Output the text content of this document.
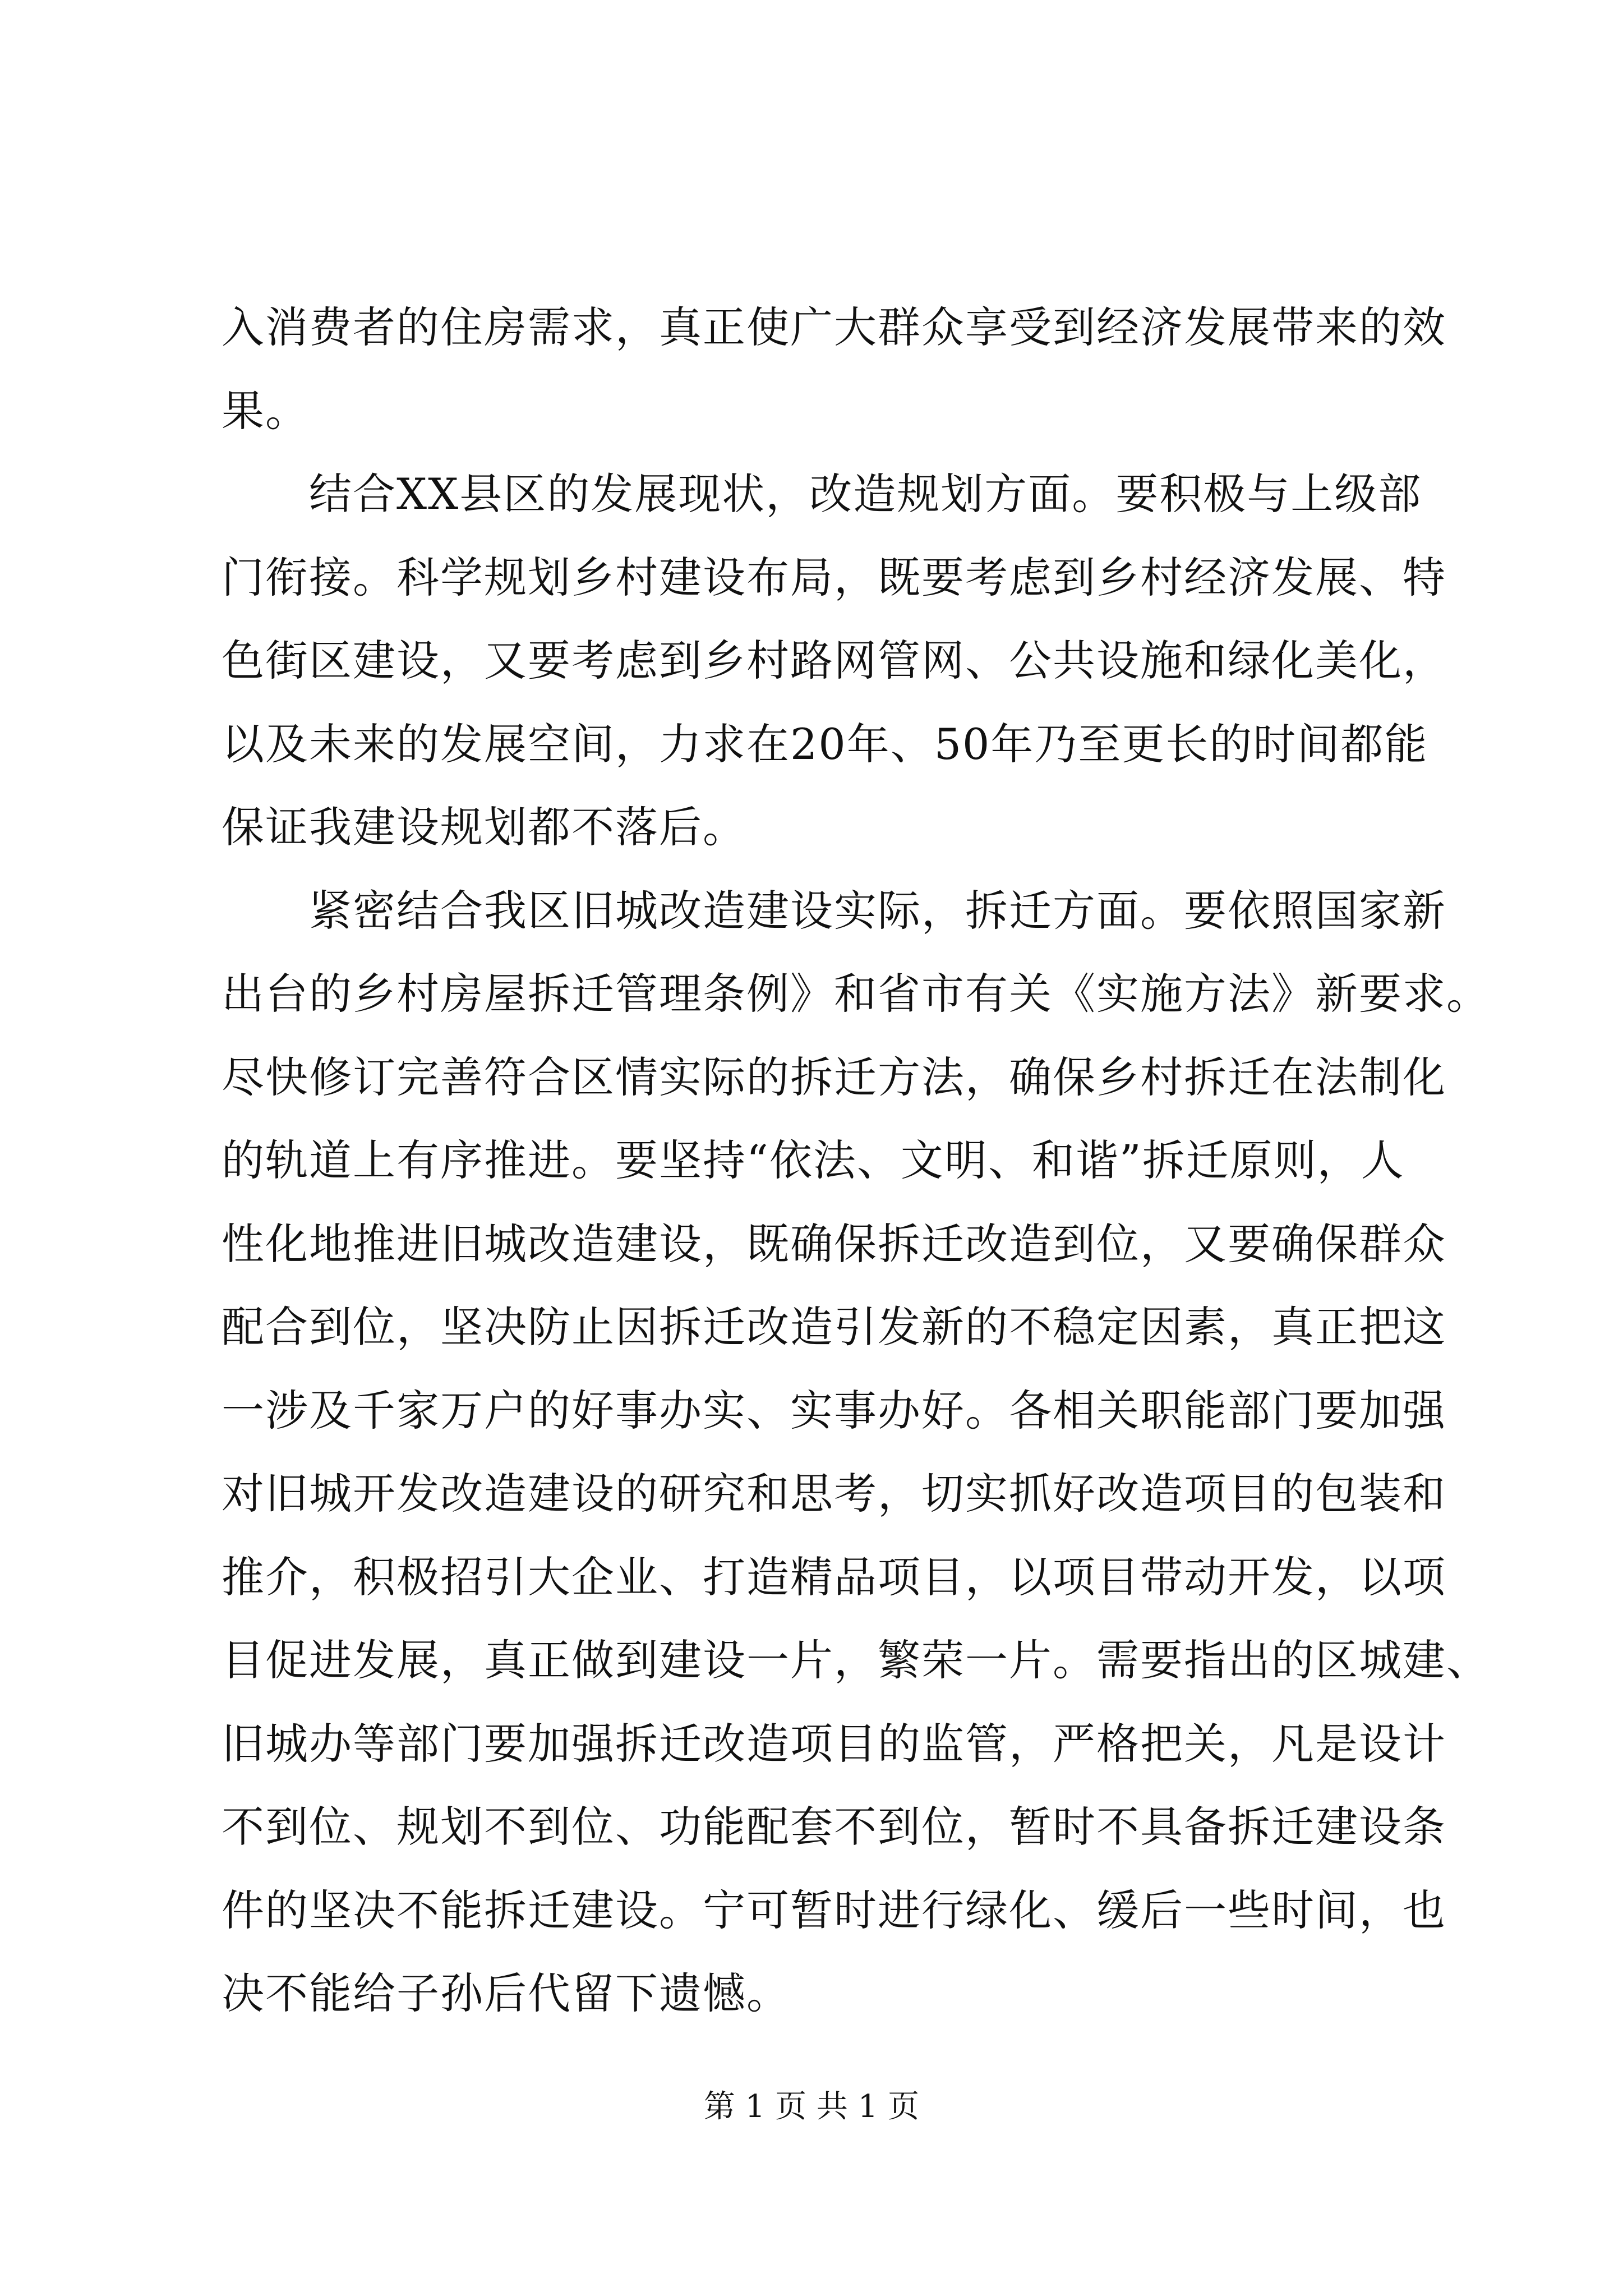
入消费者的住房需求，真正使广大群众享受到经济发展带来的效
果。
　　结合XX县区的发展现状，改造规划方面。要积极与上级部
门衔接。科学规划乡村建设布局，既要考虑到乡村经济发展、特
色街区建设，又要考虑到乡村路网管网、公共设施和绿化美化，
以及未来的发展空间，力求在20年、50年乃至更长的时间都能
保证我建设规划都不落后。
　　紧密结合我区旧城改造建设实际，拆迁方面。要依照国家新
出台的乡村房屋拆迁管理条例》和省市有关《实施方法》新要求。
尽快修订完善符合区情实际的拆迁方法，确保乡村拆迁在法制化
的轨道上有序推进。要坚持“依法、文明、和谐”拆迁原则，人
性化地推进旧城改造建设，既确保拆迁改造到位，又要确保群众
配合到位，坚决防止因拆迁改造引发新的不稳定因素，真正把这
一涉及千家万户的好事办实、实事办好。各相关职能部门要加强
对旧城开发改造建设的研究和思考，切实抓好改造项目的包装和
推介，积极招引大企业、打造精品项目，以项目带动开发，以项
目促进发展，真正做到建设一片，繁荣一片。需要指出的区城建、
旧城办等部门要加强拆迁改造项目的监管，严格把关，凡是设计
不到位、规划不到位、功能配套不到位，暂时不具备拆迁建设条
件的坚决不能拆迁建设。宁可暂时进行绿化、缓后一些时间，也
决不能给子孙后代留下遗憾。
第 1 页 共 1 页
